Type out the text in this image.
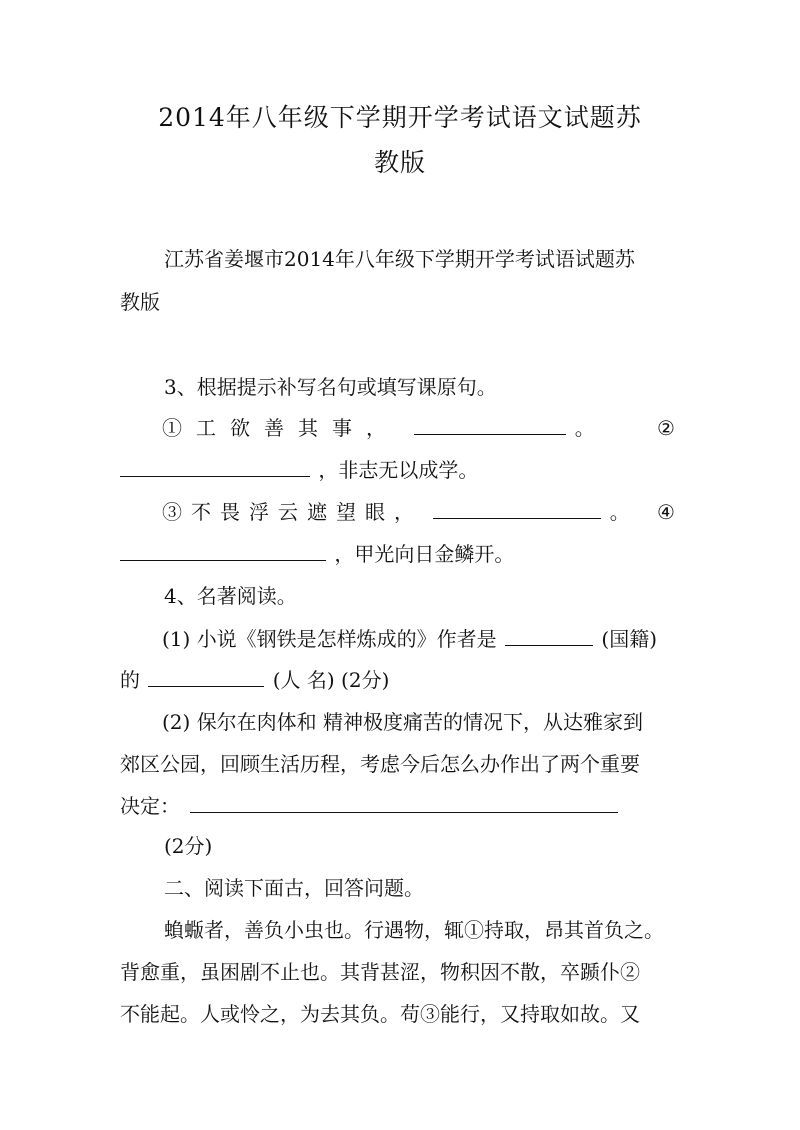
2014年八年级下学期开学考试语文试题苏
教版
江苏省姜堰市2014年八年级下学期开学考试语试题苏
教版
3、根据提示补写名句或填写课原句。
①工欲善其事，	。	②
，非志无以成学。
③不畏浮云遮望眼，	。 ④
，甲光向日金鳞开。
4、名著阅读。
(1) 小说《钢铁是怎样炼成的》作者是	(国籍)
的	(人 名) (2分)
(2) 保尔在肉体和 精神极度痛苦的情况下，从达雅家到
郊区公园，回顾生活历程，考虑今后怎么办作出了两个重要
决定：
(2分)
二、阅读下面古，回答问题。
蝜蝂者，善负小虫也。行遇物，辄①持取，昂其首负之。
背愈重，虽困剧不止也。其背甚涩，物积因不散，卒踬仆②
不能起。人或怜之，为去其负。苟③能行，又持取如故。又
